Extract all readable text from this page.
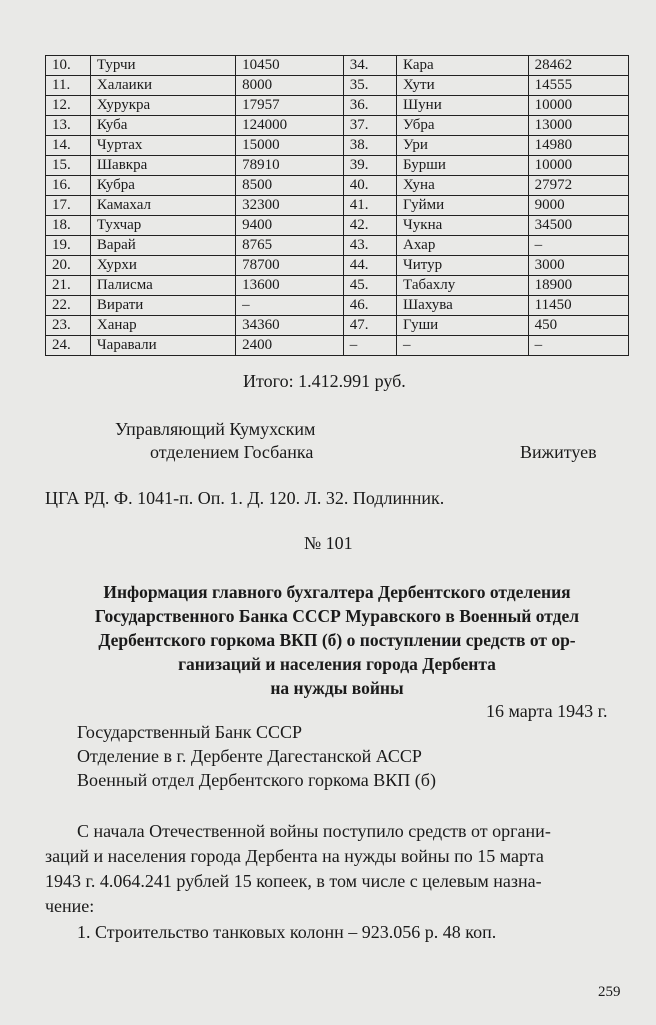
10.	Турчи	10450	34.	Кара	28462
11.	Халаики	8000	35.	Хути	14555
12.	Хурукра	17957	36.	Шуни	10000
13.	Куба	124000	37.	Убра	13000
14.	Чуртах	15000	38.	Ури	14980
15.	Шавкра	78910	39.	Бурши	10000
16.	Кубра	8500	40.	Хуна	27972
17.	Камахал	32300	41.	Гуйми	9000
18.	Тухчар	9400	42.	Чукна	34500
19.	Варай	8765	43.	Ахар	–
20.	Хурхи	78700	44.	Читур	3000
21.	Палисма	13600	45.	Табахлу	18900
22.	Вирати	–	46.	Шахува	11450
23.	Ханар	34360	47.	Гуши	450
24.	Чаравали	2400	–	–	–
Итого: 1.412.991 руб.
Управляющий Кумухским
отделением Госбанка	Вижитуев
ЦГА РД. Ф. 1041-п. Оп. 1. Д. 120. Л. 32. Подлинник.
№ 101
Информация главного бухгалтера Дербентского отделения
Государственного Банка СССР Муравского в Военный отдел
Дербентского горкома ВКП (б) о поступлении средств от ор-
ганизаций и населения города Дербента
на нужды войны
16 марта 1943 г.
Государственный Банк СССР
Отделение в г. Дербенте Дагестанской АССР
Военный отдел Дербентского горкома ВКП (б)
С начала Отечественной войны поступило средств от органи-
заций и населения города Дербента на нужды войны по 15 марта
1943 г. 4.064.241 рублей 15 копеек, в том числе с целевым назна-
чение:
1. Строительство танковых колонн – 923.056 р. 48 коп.
259
